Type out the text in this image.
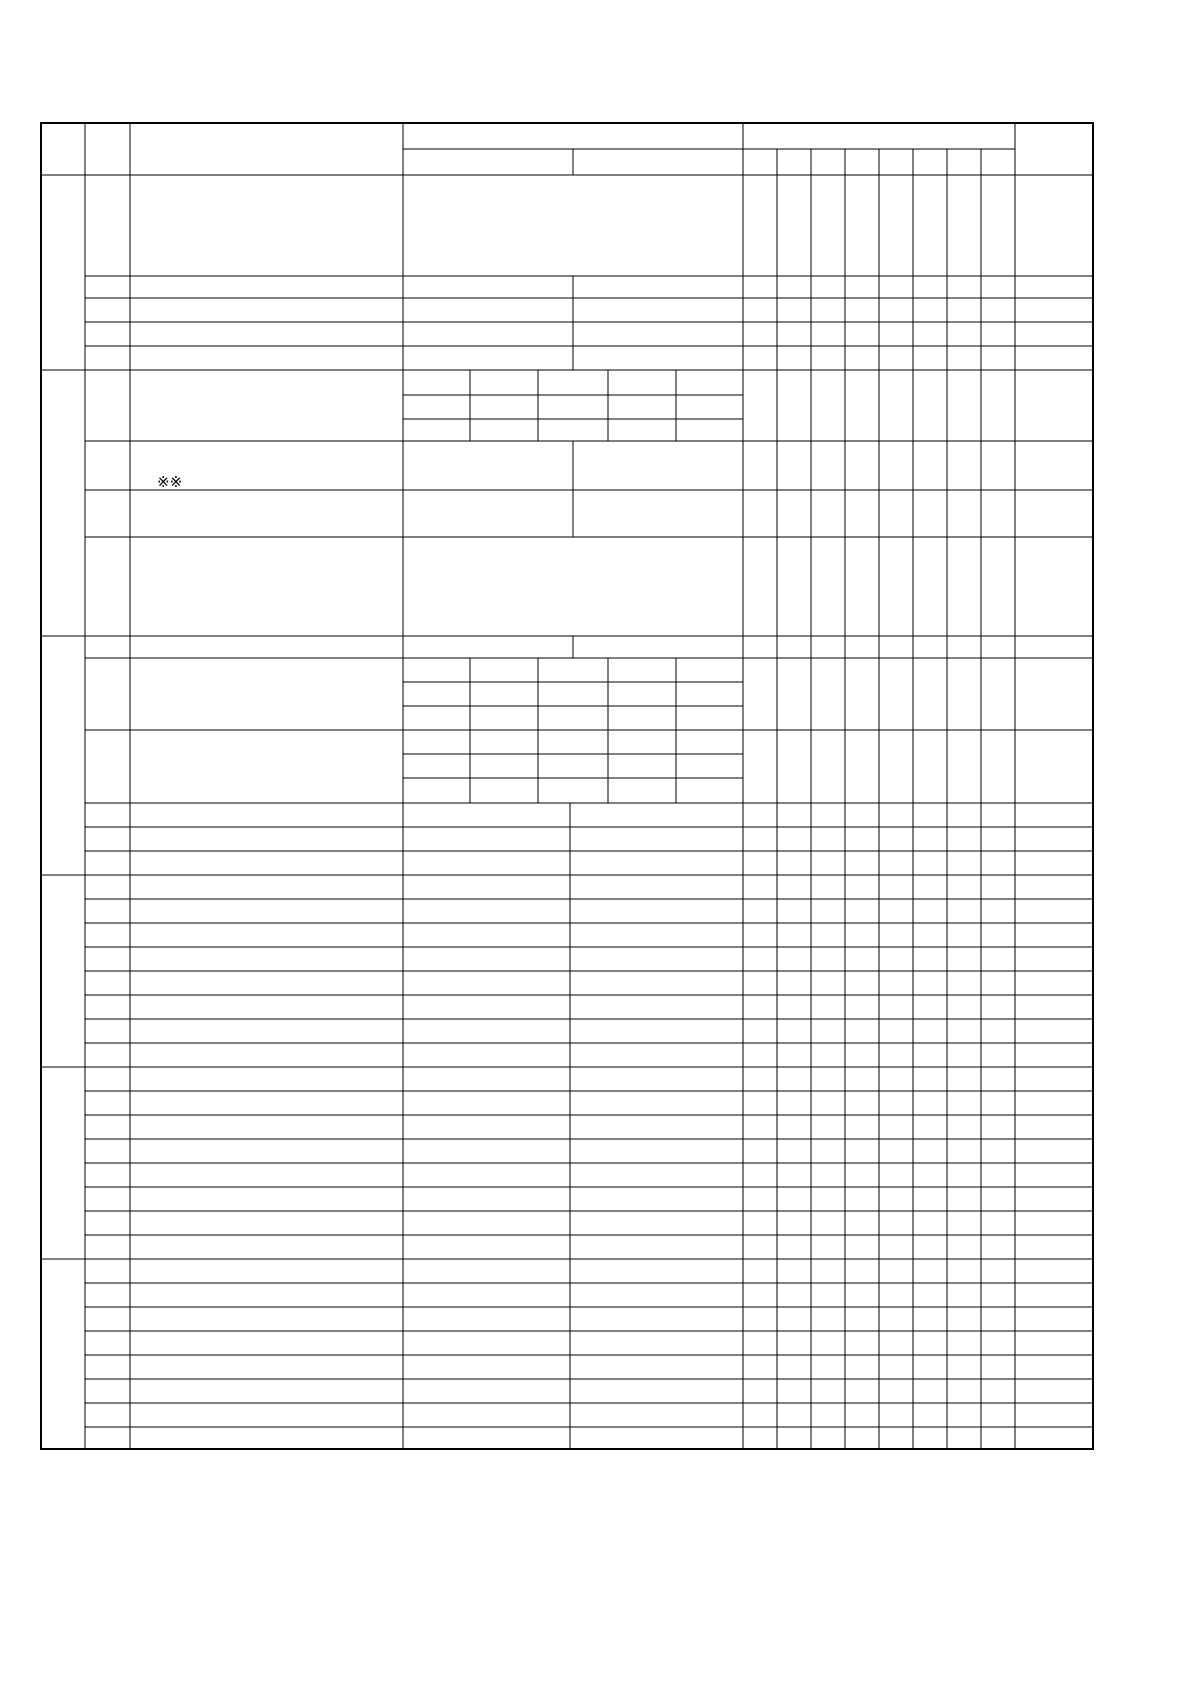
※※
